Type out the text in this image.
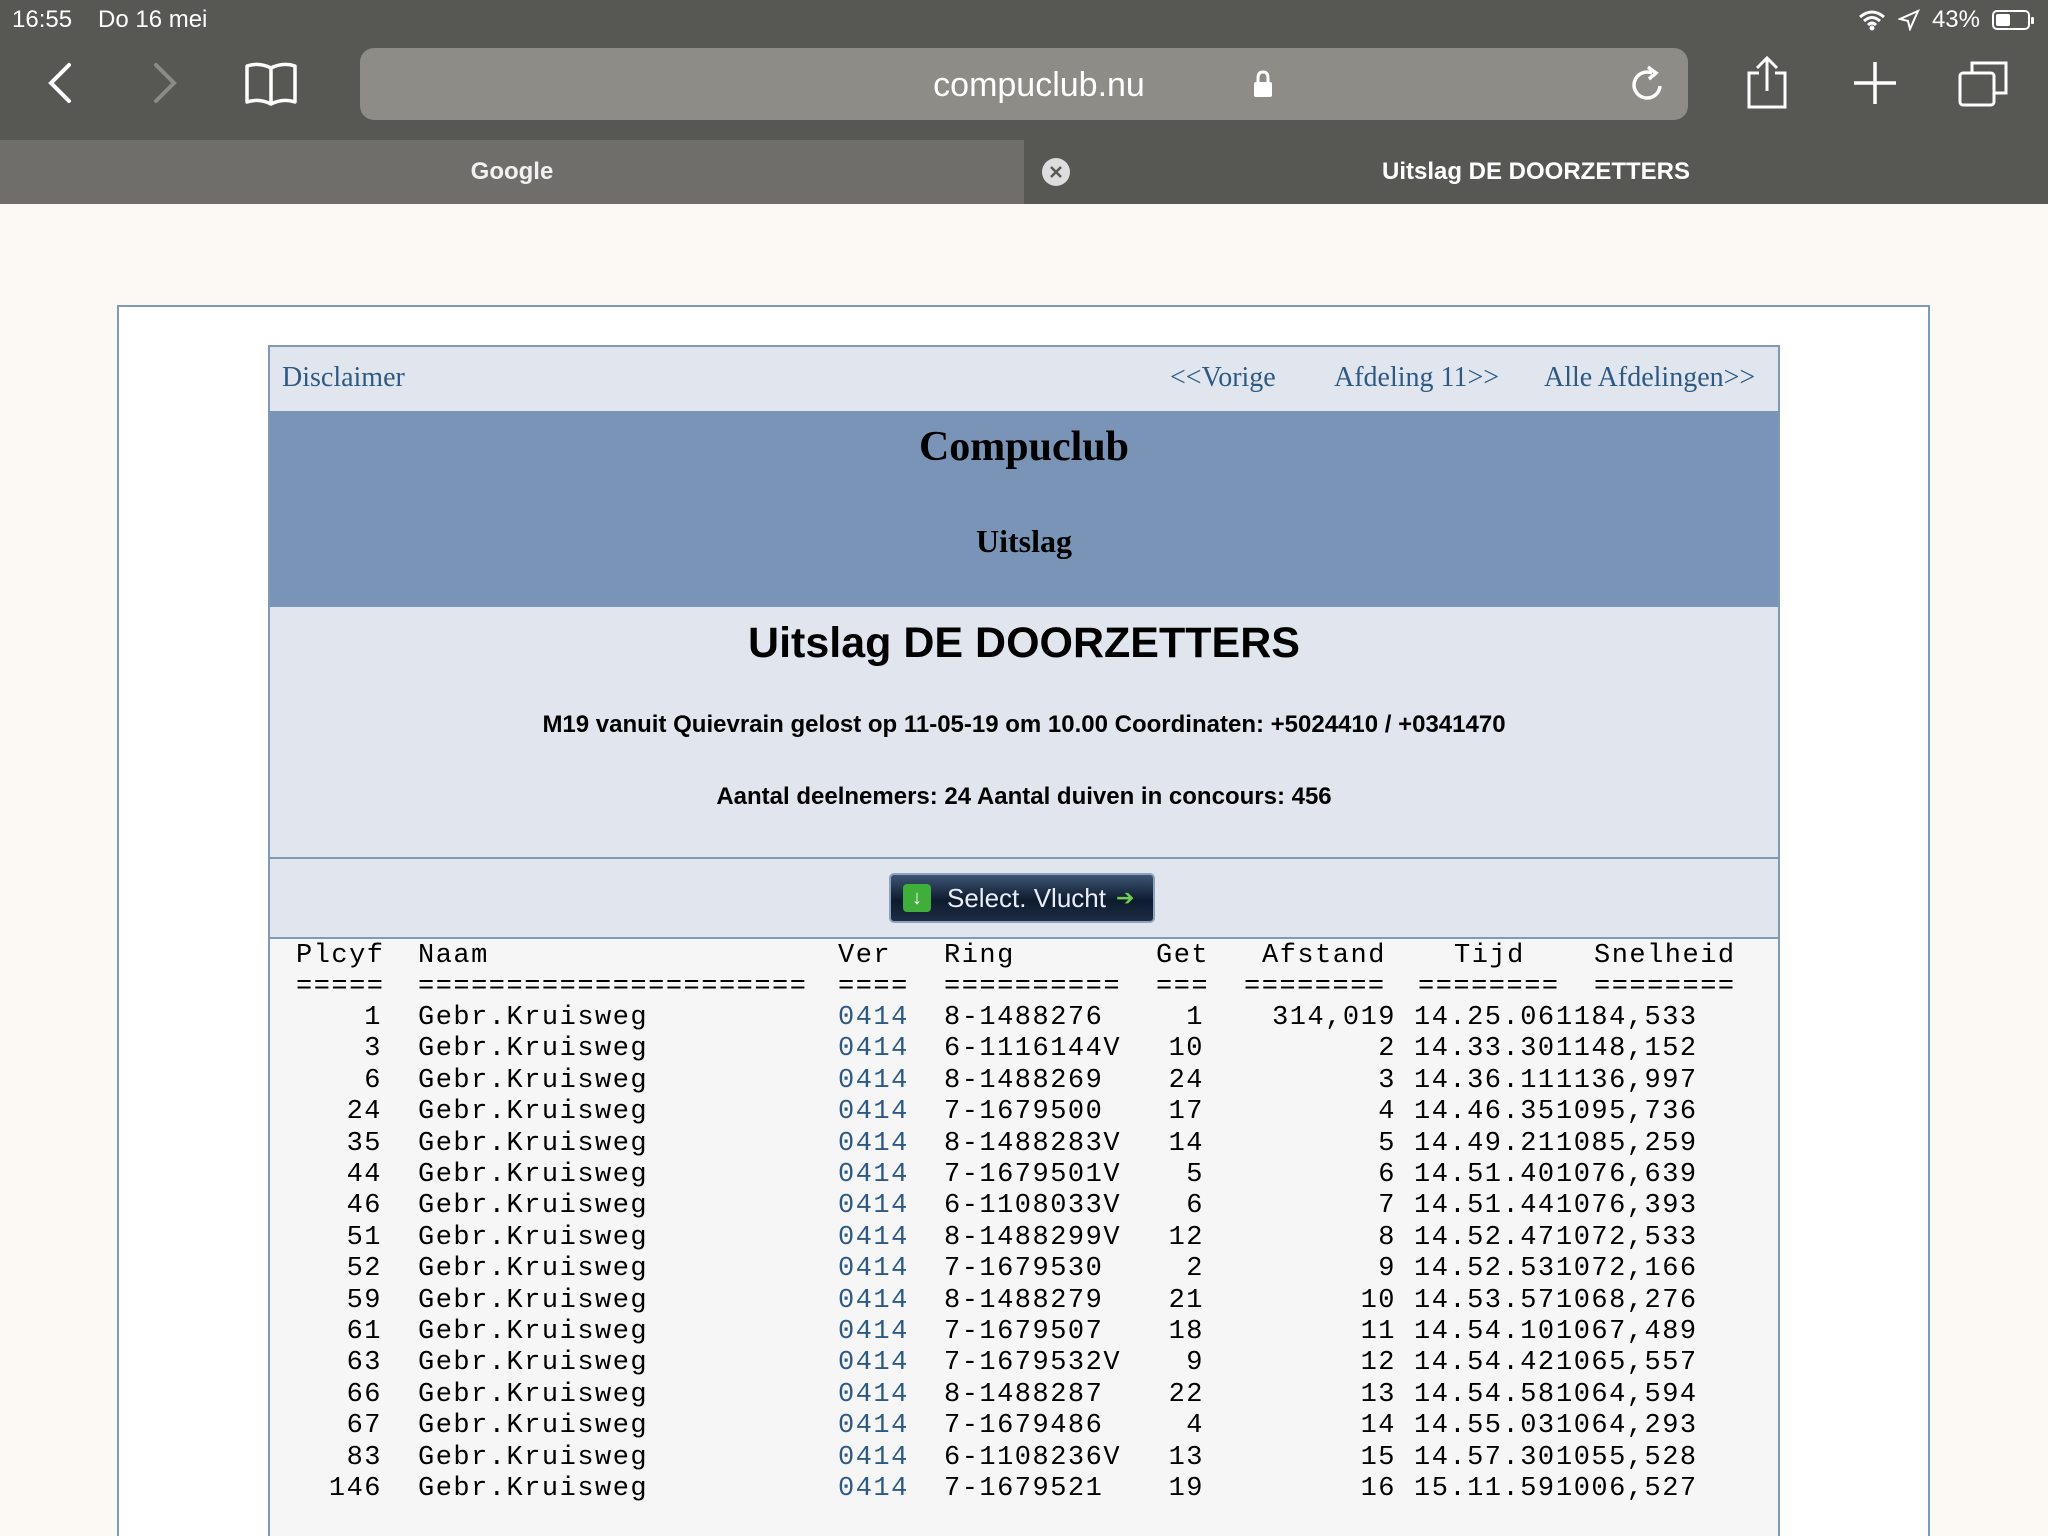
16:55 Do 16 mei	43%
compuclub.nu
Google	Uitslag DE DOORZETTERS
Disclaimer	<<Vorige Afdeling 11>> Alle Afdelingen>>
Compuclub
Uitslag
Uitslag DE DOORZETTERS
M19 vanuit Quievrain gelost op 11-05-19 om 10.00 Coordinaten: +5024410 / +0341470
Aantal deelnemers: 24 Aantal duiven in concours: 456
↓ Select. Vlucht ➔
Plcyf Naam	Ver Ring	Get Afstand	Tijd	Snelheid
===== ====================== ==== ========== === ======== ======== ========
1 Gebr.Kruisweg	0414 8-1488276	1	314,019 14.25.06 1184,533
3 Gebr.Kruisweg	0414 6-1116144V 10	2 14.33.30 1148,152
6 Gebr.Kruisweg	0414 8-1488269 24	3 14.36.11 1136,997
24 Gebr.Kruisweg	0414 7-1679500 17	4 14.46.35 1095,736
35 Gebr.Kruisweg	0414 8-1488283V 14	5 14.49.21 1085,259
44 Gebr.Kruisweg	0414 7-1679501V 5	6 14.51.40 1076,639
46 Gebr.Kruisweg	0414 6-1108033V 6	7 14.51.44 1076,393
51 Gebr.Kruisweg	0414 8-1488299V 12	8 14.52.47 1072,533
52 Gebr.Kruisweg	0414 7-1679530	2	9 14.52.53 1072,166
59 Gebr.Kruisweg	0414 8-1488279 21	10 14.53.57 1068,276
61 Gebr.Kruisweg	0414 7-1679507 18	11 14.54.10 1067,489
63 Gebr.Kruisweg	0414 7-1679532V 9	12 14.54.42 1065,557
66 Gebr.Kruisweg	0414 8-1488287 22	13 14.54.58 1064,594
67 Gebr.Kruisweg	0414 7-1679486	4	14 14.55.03 1064,293
83 Gebr.Kruisweg	0414 6-1108236V 13	15 14.57.30 1055,528
146 Gebr.Kruisweg	0414 7-1679521 19	16 15.11.59 1006,527
